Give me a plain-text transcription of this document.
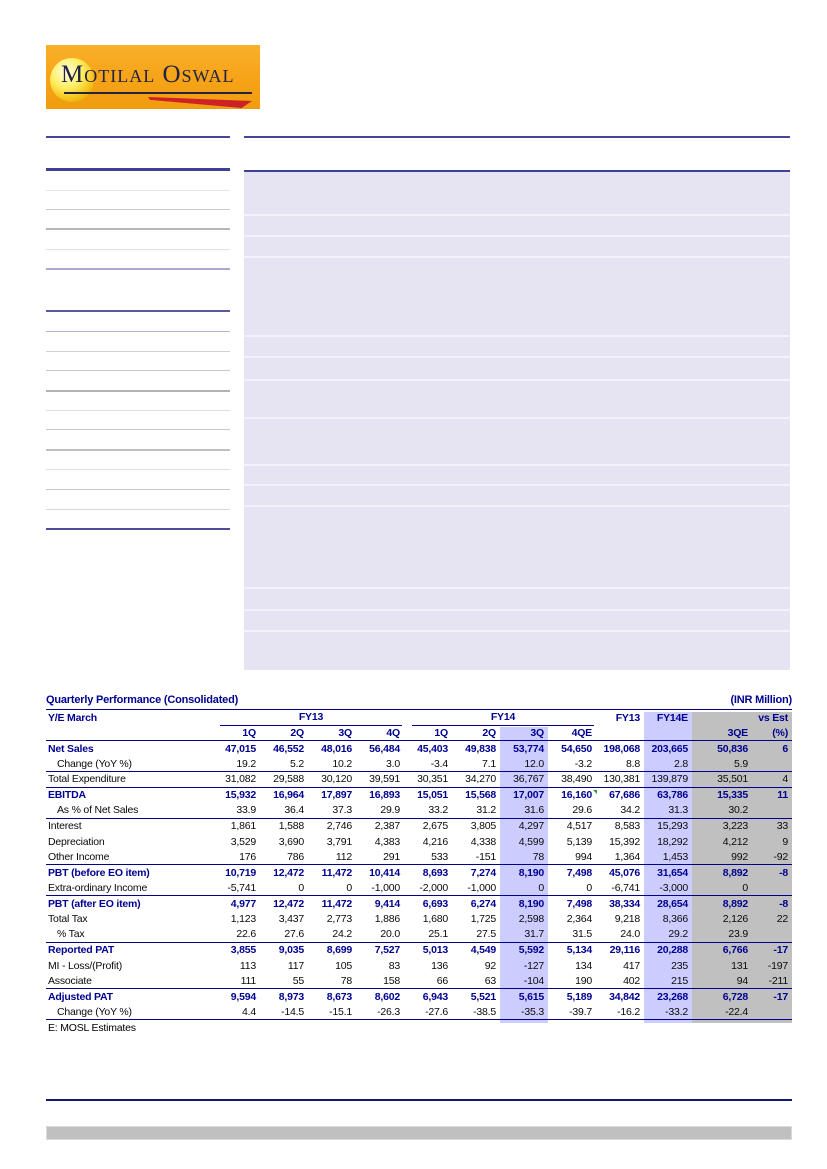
Motilal Oswal
Quarterly Performance (Consolidated)	(INR Million)
Y/E March	FY13	FY14	FY13	FY14E	vs Est
1Q	2Q	3Q	4Q	1Q	2Q	3Q	4QE	3QE	(%)
Net Sales	47,015	46,552	48,016	56,484	45,403	49,838	53,774	54,650	198,068	203,665	50,836	6
Change (YoY %)	19.2	5.2	10.2	3.0	-3.4	7.1	12.0	-3.2	8.8	2.8	5.9
Total Expenditure	31,082	29,588	30,120	39,591	30,351	34,270	36,767	38,490	130,381	139,879	35,501	4
EBITDA	15,932	16,964	17,897	16,893	15,051	15,568	17,007	16,160	67,686	63,786	15,335	11
As % of Net Sales	33.9	36.4	37.3	29.9	33.2	31.2	31.6	29.6	34.2	31.3	30.2
Interest	1,861	1,588	2,746	2,387	2,675	3,805	4,297	4,517	8,583	15,293	3,223	33
Depreciation	3,529	3,690	3,791	4,383	4,216	4,338	4,599	5,139	15,392	18,292	4,212	9
Other Income	176	786	112	291	533	-151	78	994	1,364	1,453	992	-92
PBT (before EO item)	10,719	12,472	11,472	10,414	8,693	7,274	8,190	7,498	45,076	31,654	8,892	-8
Extra-ordinary Income	-5,741	0	0	-1,000	-2,000	-1,000	0	0	-6,741	-3,000	0
PBT (after EO item)	4,977	12,472	11,472	9,414	6,693	6,274	8,190	7,498	38,334	28,654	8,892	-8
Total Tax	1,123	3,437	2,773	1,886	1,680	1,725	2,598	2,364	9,218	8,366	2,126	22
% Tax	22.6	27.6	24.2	20.0	25.1	27.5	31.7	31.5	24.0	29.2	23.9
Reported PAT	3,855	9,035	8,699	7,527	5,013	4,549	5,592	5,134	29,116	20,288	6,766	-17
MI - Loss/(Profit)	113	117	105	83	136	92	-127	134	417	235	131	-197
Associate	111	55	78	158	66	63	-104	190	402	215	94	-211
Adjusted PAT	9,594	8,973	8,673	8,602	6,943	5,521	5,615	5,189	34,842	23,268	6,728	-17
Change (YoY %)	4.4	-14.5	-15.1	-26.3	-27.6	-38.5	-35.3	-39.7	-16.2	-33.2	-22.4
E: MOSL Estimates
